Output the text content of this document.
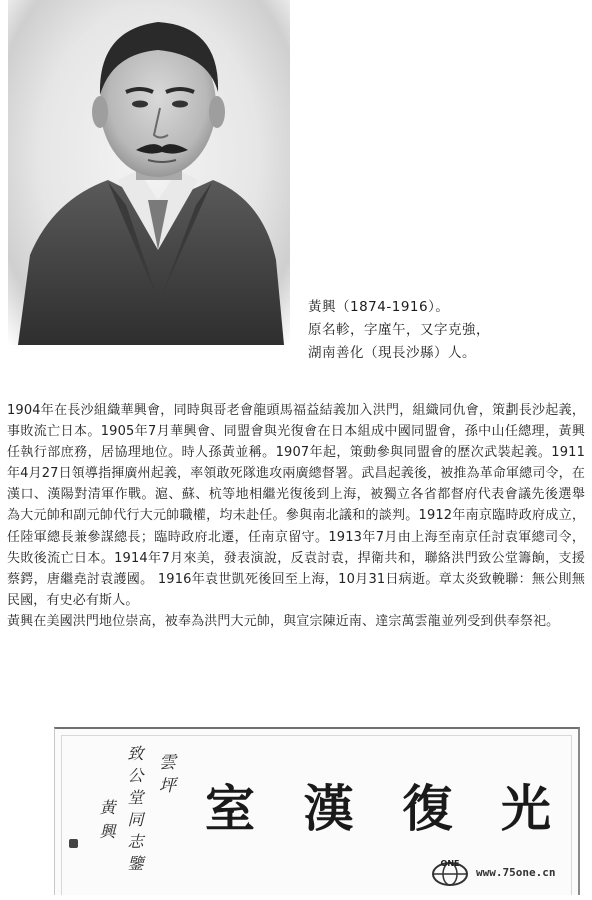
黃興（1874-1916）。
原名軫，字廑午，又字克強，
湖南善化（現長沙縣）人。

1904年在長沙組織華興會，同時與哥老會龍頭馬福益結義加入洪門，組織同仇會，策劃長沙起義，事敗流亡日本。1905年7月華興會、同盟會與光復會在日本組成中國同盟會，孫中山任總理，黃興任執行部庶務，居協理地位。時人孫黃並稱。1907年起，策動參與同盟會的歷次武裝起義。1911年4月27日領導指揮廣州起義，率領敢死隊進攻兩廣總督署。武昌起義後，被推為革命軍總司令，在漢口、漢陽對清軍作戰。滬、蘇、杭等地相繼光復後到上海，被獨立各省都督府代表會議先後選舉為大元帥和副元帥代行大元帥職權，均未赴任。參與南北議和的談判。1912年南京臨時政府成立，任陸軍總長兼參謀總長；臨時政府北遷，任南京留守。1913年7月由上海至南京任討袁軍總司令，失敗後流亡日本。1914年7月來美，發表演說，反袁討袁，捍衛共和，聯絡洪門致公堂籌餉，支援蔡鍔，唐繼堯討袁護國。 1916年袁世凱死後回至上海，10月31日病逝。章太炎致輓聯：無公則無民國，有史必有斯人。

黃興在美國洪門地位崇高，被奉為洪門大元帥，與宣宗陳近南、達宗萬雲龍並列受到供奉祭祀。

雲坪
致公堂同志鑒
黃興 室 漢 復 光
ONE
www.75one.cn
